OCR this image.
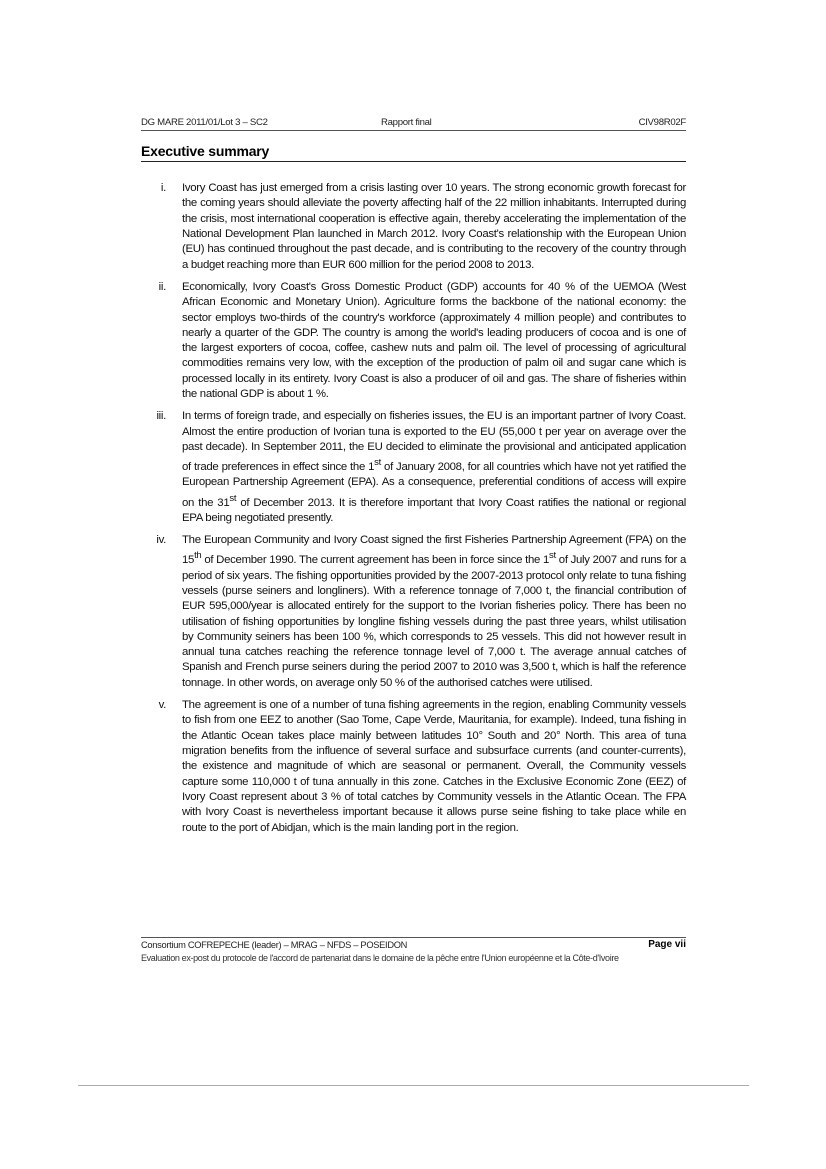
DG MARE 2011/01/Lot 3 – SC2	Rapport final	CIV98R02F
Executive summary
i. Ivory Coast has just emerged from a crisis lasting over 10 years. The strong economic growth forecast for the coming years should alleviate the poverty affecting half of the 22 million inhabitants. Interrupted during the crisis, most international cooperation is effective again, thereby accelerating the implementation of the National Development Plan launched in March 2012. Ivory Coast's relationship with the European Union (EU) has continued throughout the past decade, and is contributing to the recovery of the country through a budget reaching more than EUR 600 million for the period 2008 to 2013.
ii. Economically, Ivory Coast's Gross Domestic Product (GDP) accounts for 40 % of the UEMOA (West African Economic and Monetary Union). Agriculture forms the backbone of the national economy: the sector employs two-thirds of the country's workforce (approximately 4 million people) and contributes to nearly a quarter of the GDP. The country is among the world's leading producers of cocoa and is one of the largest exporters of cocoa, coffee, cashew nuts and palm oil. The level of processing of agricultural commodities remains very low, with the exception of the production of palm oil and sugar cane which is processed locally in its entirety. Ivory Coast is also a producer of oil and gas. The share of fisheries within the national GDP is about 1 %.
iii. In terms of foreign trade, and especially on fisheries issues, the EU is an important partner of Ivory Coast. Almost the entire production of Ivorian tuna is exported to the EU (55,000 t per year on average over the past decade). In September 2011, the EU decided to eliminate the provisional and anticipated application of trade preferences in effect since the 1st of January 2008, for all countries which have not yet ratified the European Partnership Agreement (EPA). As a consequence, preferential conditions of access will expire on the 31st of December 2013. It is therefore important that Ivory Coast ratifies the national or regional EPA being negotiated presently.
iv. The European Community and Ivory Coast signed the first Fisheries Partnership Agreement (FPA) on the 15th of December 1990. The current agreement has been in force since the 1st of July 2007 and runs for a period of six years. The fishing opportunities provided by the 2007-2013 protocol only relate to tuna fishing vessels (purse seiners and longliners). With a reference tonnage of 7,000 t, the financial contribution of EUR 595,000/year is allocated entirely for the support to the Ivorian fisheries policy. There has been no utilisation of fishing opportunities by longline fishing vessels during the past three years, whilst utilisation by Community seiners has been 100 %, which corresponds to 25 vessels. This did not however result in annual tuna catches reaching the reference tonnage level of 7,000 t. The average annual catches of Spanish and French purse seiners during the period 2007 to 2010 was 3,500 t, which is half the reference tonnage. In other words, on average only 50 % of the authorised catches were utilised.
v. The agreement is one of a number of tuna fishing agreements in the region, enabling Community vessels to fish from one EEZ to another (Sao Tome, Cape Verde, Mauritania, for example). Indeed, tuna fishing in the Atlantic Ocean takes place mainly between latitudes 10° South and 20° North. This area of tuna migration benefits from the influence of several surface and subsurface currents (and counter-currents), the existence and magnitude of which are seasonal or permanent. Overall, the Community vessels capture some 110,000 t of tuna annually in this zone. Catches in the Exclusive Economic Zone (EEZ) of Ivory Coast represent about 3 % of total catches by Community vessels in the Atlantic Ocean. The FPA with Ivory Coast is nevertheless important because it allows purse seine fishing to take place while en route to the port of Abidjan, which is the main landing port in the region.
Consortium COFREPECHE (leader) – MRAG – NFDS – POSEIDON	Page vii
Evaluation ex-post du protocole de l'accord de partenariat dans le domaine de la pêche entre l'Union européenne et la Côte-d'Ivoire
